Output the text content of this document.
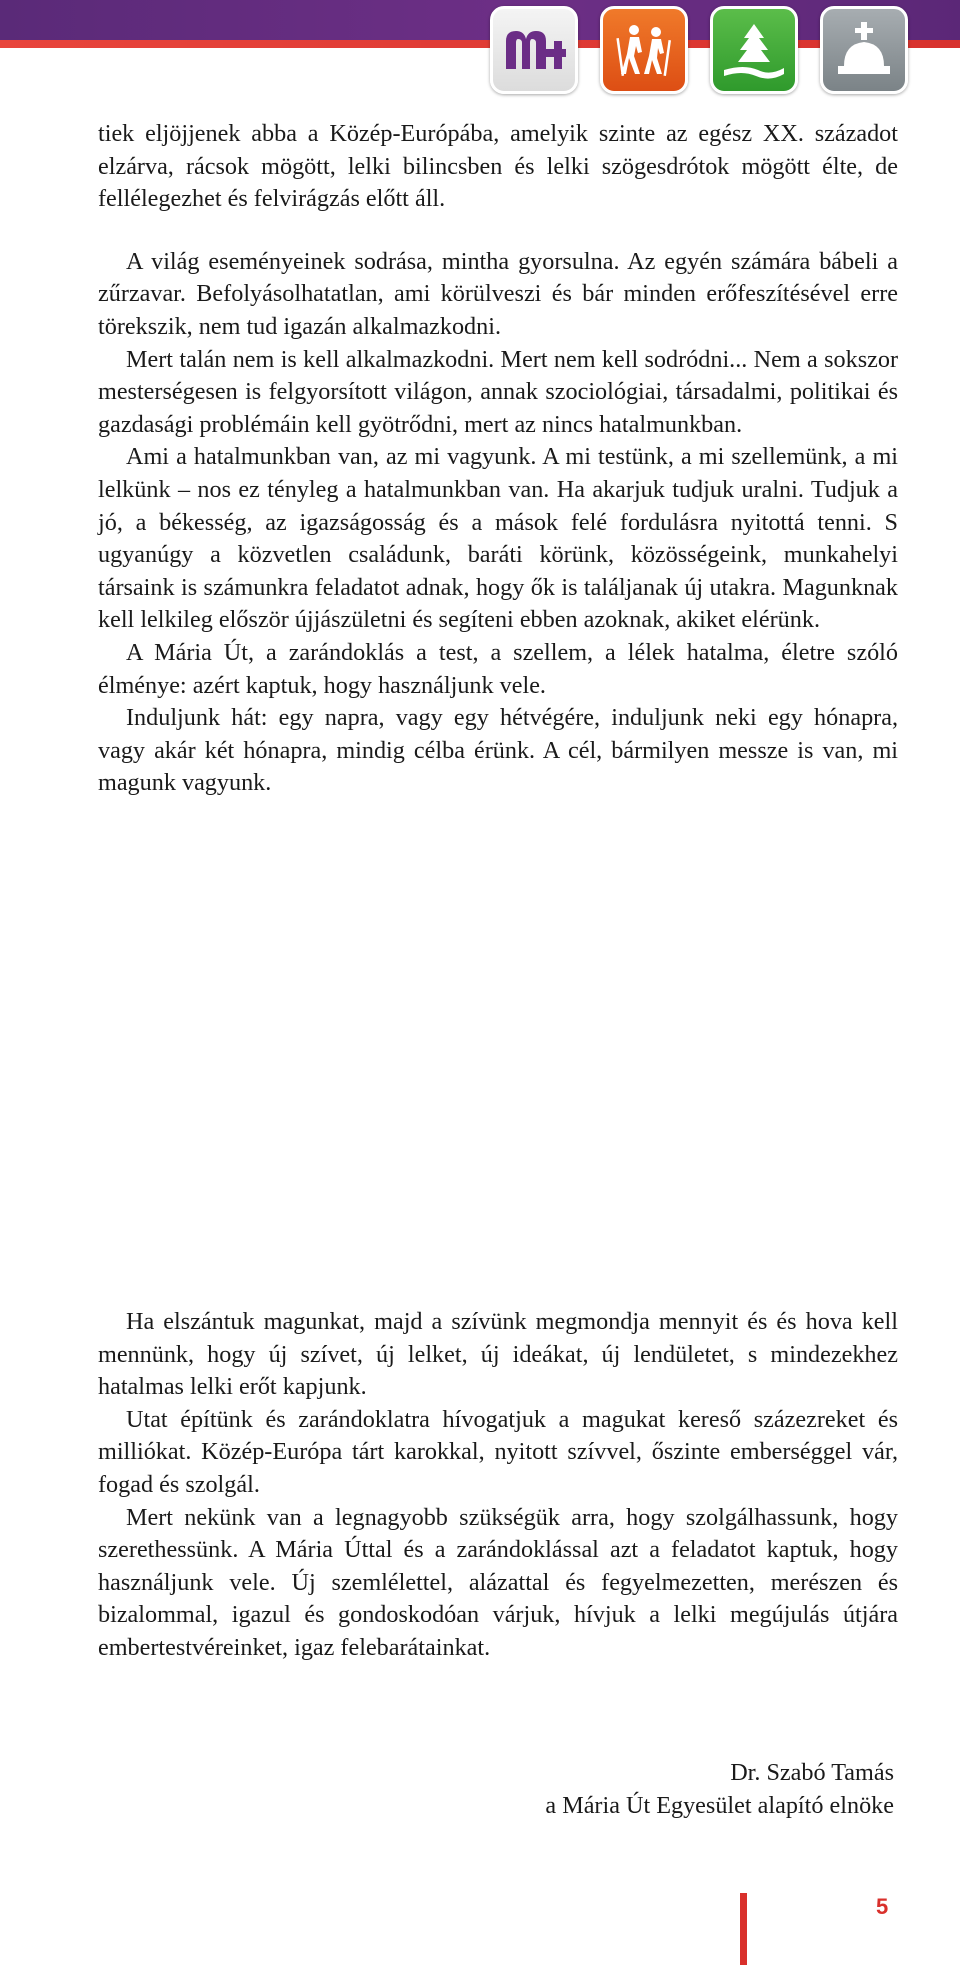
tiek eljöjjenek abba a Közép-Európába, amelyik szinte az egész XX. századot elzárva, rácsok mögött, lelki bilincsben és lelki szögesdrótok mögött élte, de fellélegezhet és felvirágzás előtt áll.

A világ eseményeinek sodrása, mintha gyorsulna. Az egyén számára bábeli a zűrzavar. Befolyásolhatatlan, ami körülveszi és bár minden erőfeszítésével erre törekszik, nem tud igazán alkalmazkodni.

Mert talán nem is kell alkalmazkodni. Mert nem kell sodródni... Nem a sokszor mesterségesen is felgyorsított világon, annak szociológiai, társadalmi, politikai és gazdasági problémáin kell gyötrődni, mert az nincs hatalmunkban.

Ami a hatalmunkban van, az mi vagyunk. A mi testünk, a mi szellemünk, a mi lelkünk – nos ez tényleg a hatalmunkban van. Ha akarjuk tudjuk uralni. Tudjuk a jó, a békesség, az igazságosság és a mások felé fordulásra nyitottá tenni. S ugyanúgy a közvetlen családunk, baráti körünk, közösségeink, munkahelyi társaink is számunkra feladatot adnak, hogy ők is találjanak új utakra. Magunknak kell lelkileg először újjászületni és segíteni ebben azoknak, akiket elérünk.

A Mária Út, a zarándoklás a test, a szellem, a lélek hatalma, életre szóló élménye: azért kaptuk, hogy használjunk vele.

Induljunk hát: egy napra, vagy egy hétvégére, induljunk neki egy hónapra, vagy akár két hónapra, mindig célba érünk. A cél, bármilyen messze is van, mi magunk vagyunk.

Ha elszántuk magunkat, majd a szívünk megmondja mennyit és és hova kell mennünk, hogy új szívet, új lelket, új ideákat, új lendületet, s mindezekhez hatalmas lelki erőt kapjunk.

Utat építünk és zarándoklatra hívogatjuk a magukat kereső százezreket és milliókat. Közép-Európa tárt karokkal, nyitott szívvel, őszinte emberséggel vár, fogad és szolgál.

Mert nekünk van a legnagyobb szükségük arra, hogy szolgálhassunk, hogy szerethessünk. A Mária Úttal és a zarándoklással azt a feladatot kaptuk, hogy használjunk vele. Új szemlélettel, alázattal és fegyelmezetten, merészen és bizalommal, igazul és gondoskodóan várjuk, hívjuk a lelki megújulás útjára embertestvéreinket, igaz felebarátainkat.

Dr. Szabó Tamás
a Mária Út Egyesület alapító elnöke
5
